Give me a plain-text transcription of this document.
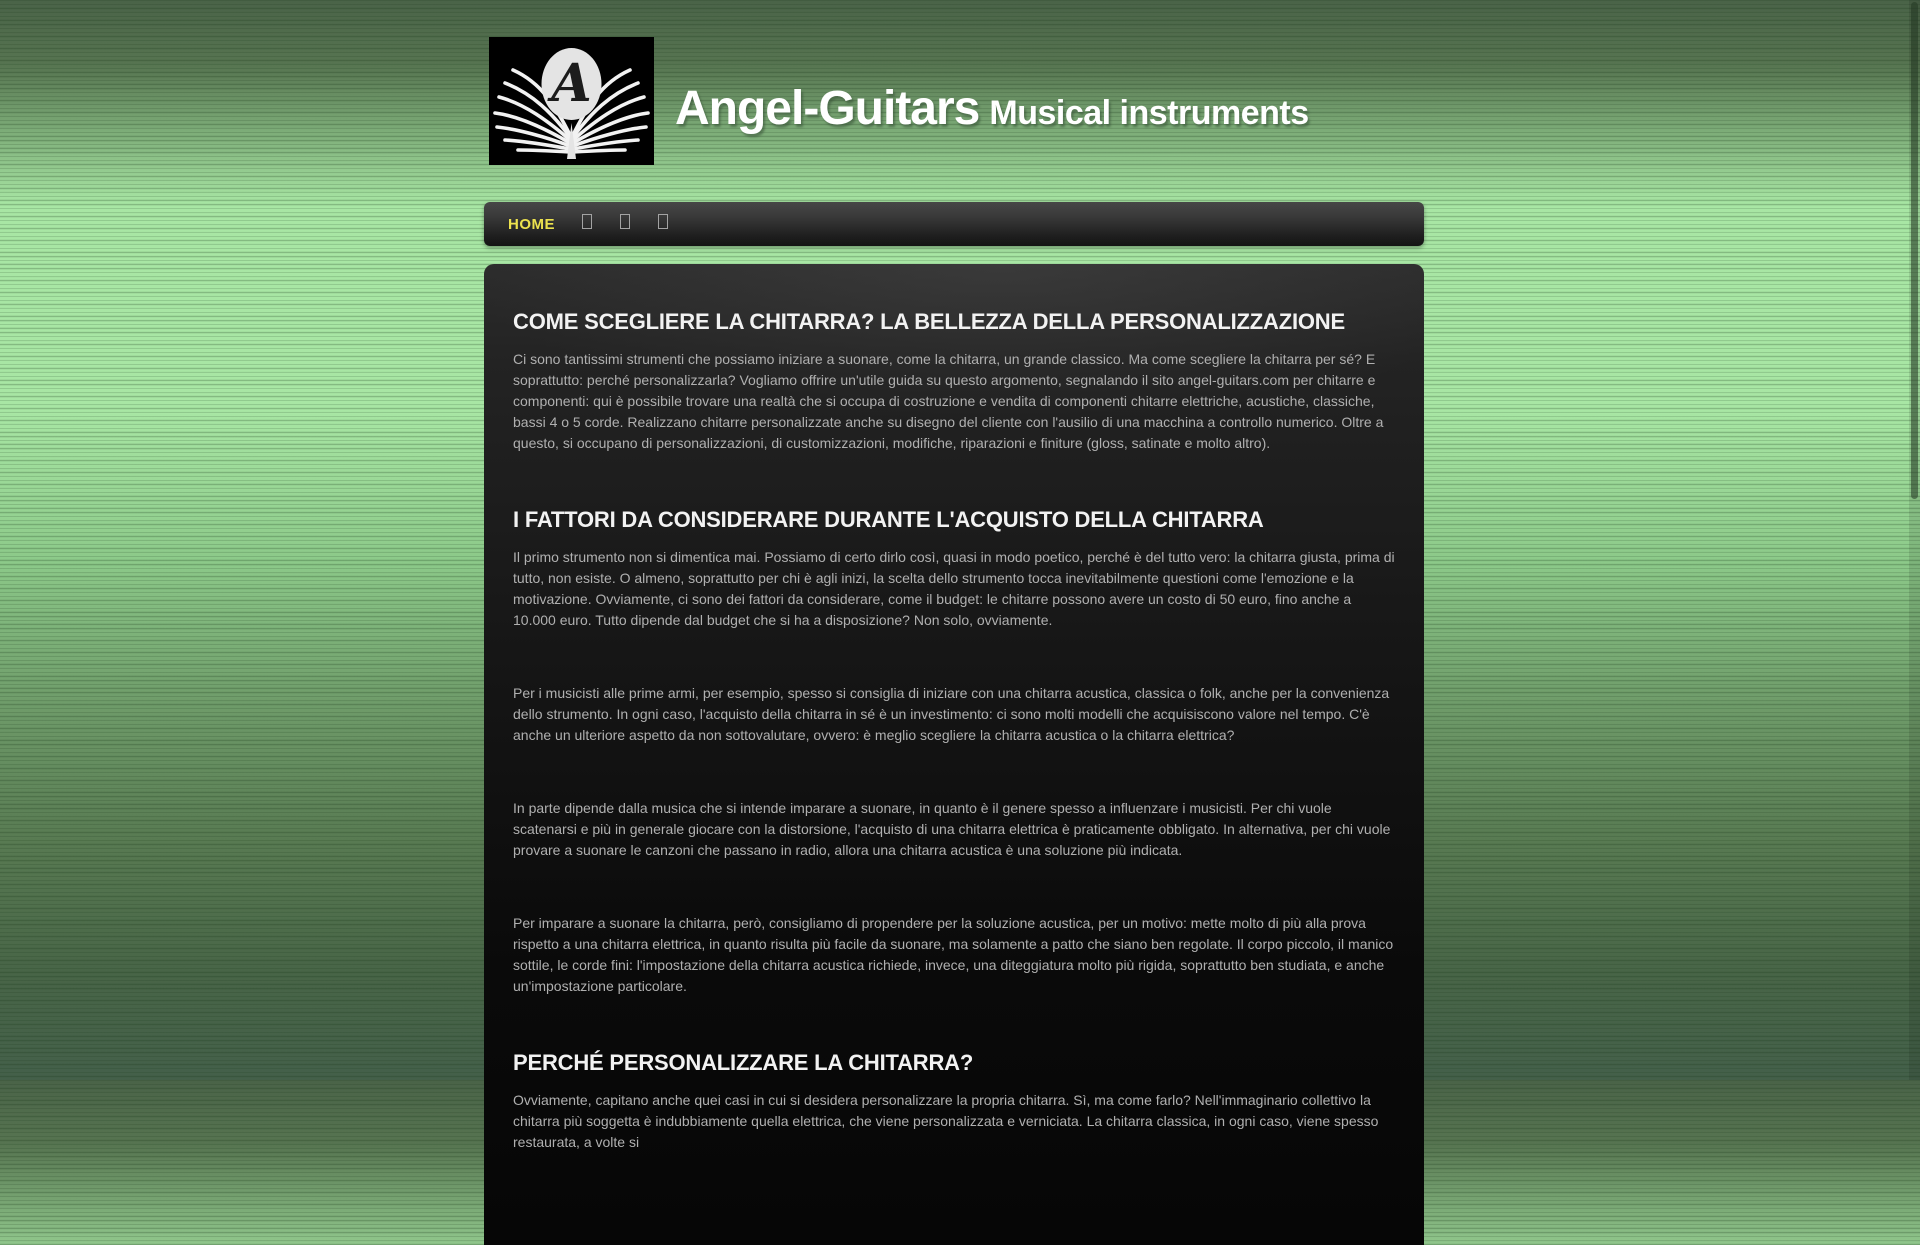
A Angel-Guitars Musical instruments
HOME
COME SCEGLIERE LA CHITARRA? LA BELLEZZA DELLA PERSONALIZZAZIONE

Ci sono tantissimi strumenti che possiamo iniziare a suonare, come la chitarra, un grande classico. Ma come scegliere la chitarra per sé? E soprattutto: perché personalizzarla? Vogliamo offrire un'utile guida su questo argomento, segnalando il sito angel-guitars.com per chitarre e componenti: qui è possibile trovare una realtà che si occupa di costruzione e vendita di componenti chitarre elettriche, acustiche, classiche, bassi 4 o 5 corde. Realizzano chitarre personalizzate anche su disegno del cliente con l'ausilio di una macchina a controllo numerico. Oltre a questo, si occupano di personalizzazioni, di customizzazioni, modifiche, riparazioni e finiture (gloss, satinate e molto altro).

I FATTORI DA CONSIDERARE DURANTE L'ACQUISTO DELLA CHITARRA

Il primo strumento non si dimentica mai. Possiamo di certo dirlo così, quasi in modo poetico, perché è del tutto vero: la chitarra giusta, prima di tutto, non esiste. O almeno, soprattutto per chi è agli inizi, la scelta dello strumento tocca inevitabilmente questioni come l'emozione e la motivazione. Ovviamente, ci sono dei fattori da considerare, come il budget: le chitarre possono avere un costo di 50 euro, fino anche a 10.000 euro. Tutto dipende dal budget che si ha a disposizione? Non solo, ovviamente.

Per i musicisti alle prime armi, per esempio, spesso si consiglia di iniziare con una chitarra acustica, classica o folk, anche per la convenienza dello strumento. In ogni caso, l'acquisto della chitarra in sé è un investimento: ci sono molti modelli che acquisiscono valore nel tempo. C'è anche un ulteriore aspetto da non sottovalutare, ovvero: è meglio scegliere la chitarra acustica o la chitarra elettrica?

In parte dipende dalla musica che si intende imparare a suonare, in quanto è il genere spesso a influenzare i musicisti. Per chi vuole scatenarsi e più in generale giocare con la distorsione, l'acquisto di una chitarra elettrica è praticamente obbligato. In alternativa, per chi vuole provare a suonare le canzoni che passano in radio, allora una chitarra acustica è una soluzione più indicata.

Per imparare a suonare la chitarra, però, consigliamo di propendere per la soluzione acustica, per un motivo: mette molto di più alla prova rispetto a una chitarra elettrica, in quanto risulta più facile da suonare, ma solamente a patto che siano ben regolate. Il corpo piccolo, il manico sottile, le corde fini: l'impostazione della chitarra acustica richiede, invece, una diteggiatura molto più rigida, soprattutto ben studiata, e anche un'impostazione particolare.

PERCHÉ PERSONALIZZARE LA CHITARRA?

Ovviamente, capitano anche quei casi in cui si desidera personalizzare la propria chitarra. Sì, ma come farlo? Nell'immaginario collettivo la chitarra più soggetta è indubbiamente quella elettrica, che viene personalizzata e verniciata. La chitarra classica, in ogni caso, viene spesso restaurata, a volte si
